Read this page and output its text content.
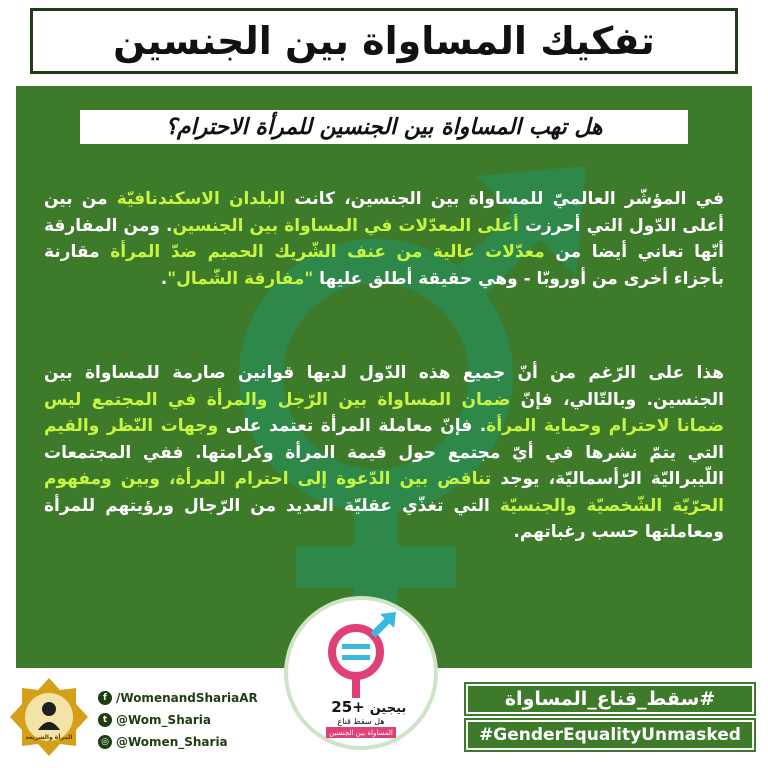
تفكيك المساواة بين الجنسين
هل تهب المساواة بين الجنسين للمرأة الاحترام؟
في المؤشّر العالميّ للمساواة بين الجنسين، كانت البلدان الاسكندنافيّة من بين أعلى الدّول التي أحرزت أعلى المعدّلات في المساواة بين الجنسين. ومن المفارقة أنّها تعاني أيضا من معدّلات عالية من عنف الشّريك الحميم ضدّ المرأة مقارنة بأجزاء أخرى من أوروبّا - وهي حقيقة أطلق عليها "مفارقة الشّمال".
هذا على الرّغم من أنّ جميع هذه الدّول لديها قوانين صارمة للمساواة بين الجنسين. وبالتّالي، فإنّ ضمان المساواة بين الرّجل والمرأة في المجتمع ليس ضمانا لاحترام وحماية المرأة. فإنّ معاملة المرأة تعتمد على وجهات النّظر والقيم التي يتمّ نشرها في أيّ مجتمع حول قيمة المرأة وكرامتها. ففي المجتمعات اللّيبراليّة الرّأسماليّة، يوجد تناقض بين الدّعوة إلى احترام المرأة، وبين ومفهوم الحرّيّة الشّخصيّة والجنسيّة التي تغذّي عقليّة العديد من الرّجال ورؤيتهم للمرأة ومعاملتها حسب رغباتهم.
25+ بيجين
هل سقط قناع
المساواة بين الجنسين
المرأة والشريعة
f /WomenandShariaAR
t @Wom_Sharia
◎ @Women_Sharia
#سقط_قناع_المساواة
#GenderEqualityUnmasked
